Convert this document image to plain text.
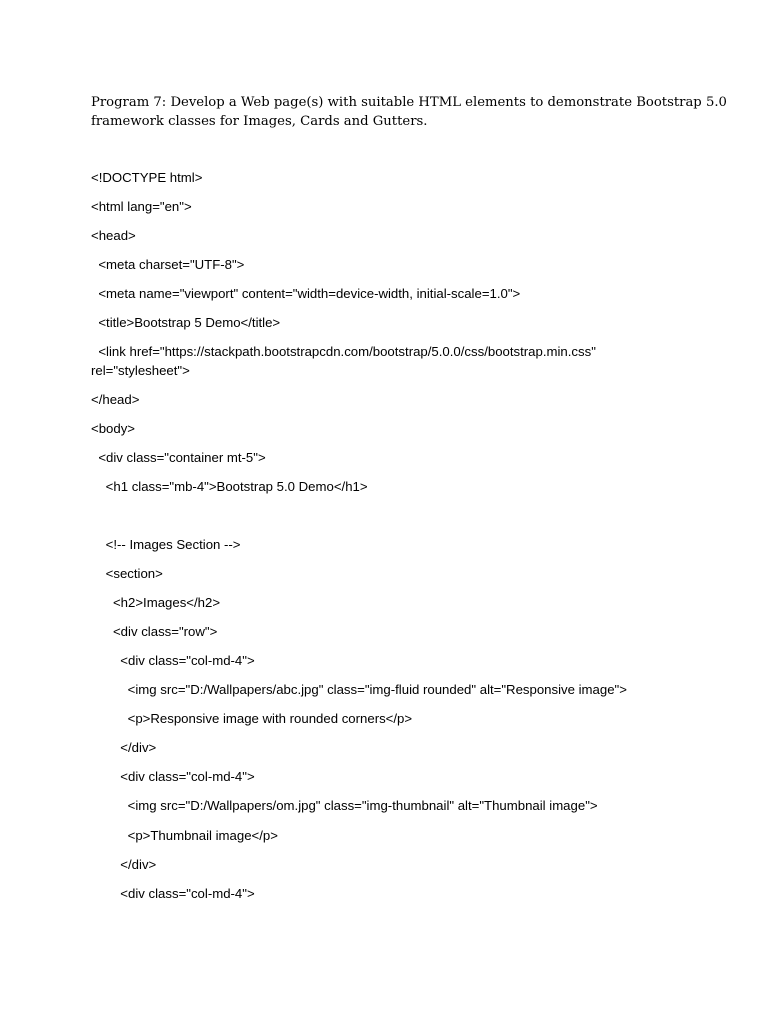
Program 7: Develop a Web page(s) with suitable HTML elements to demonstrate Bootstrap 5.0
framework classes for Images, Cards and Gutters.
<!DOCTYPE html>
<html lang="en">
<head>
<meta charset="UTF-8">
<meta name="viewport" content="width=device-width, initial-scale=1.0">
<title>Bootstrap 5 Demo</title>
<link href="https://stackpath.bootstrapcdn.com/bootstrap/5.0.0/css/bootstrap.min.css"
rel="stylesheet">
</head>
<body>
<div class="container mt-5">
<h1 class="mb-4">Bootstrap 5.0 Demo</h1>
<!-- Images Section -->
<section>
<h2>Images</h2>
<div class="row">
<div class="col-md-4">
<img src="D:/Wallpapers/abc.jpg" class="img-fluid rounded" alt="Responsive image">
<p>Responsive image with rounded corners</p>
</div>
<div class="col-md-4">
<img src="D:/Wallpapers/om.jpg" class="img-thumbnail" alt="Thumbnail image">
<p>Thumbnail image</p>
</div>
<div class="col-md-4">
